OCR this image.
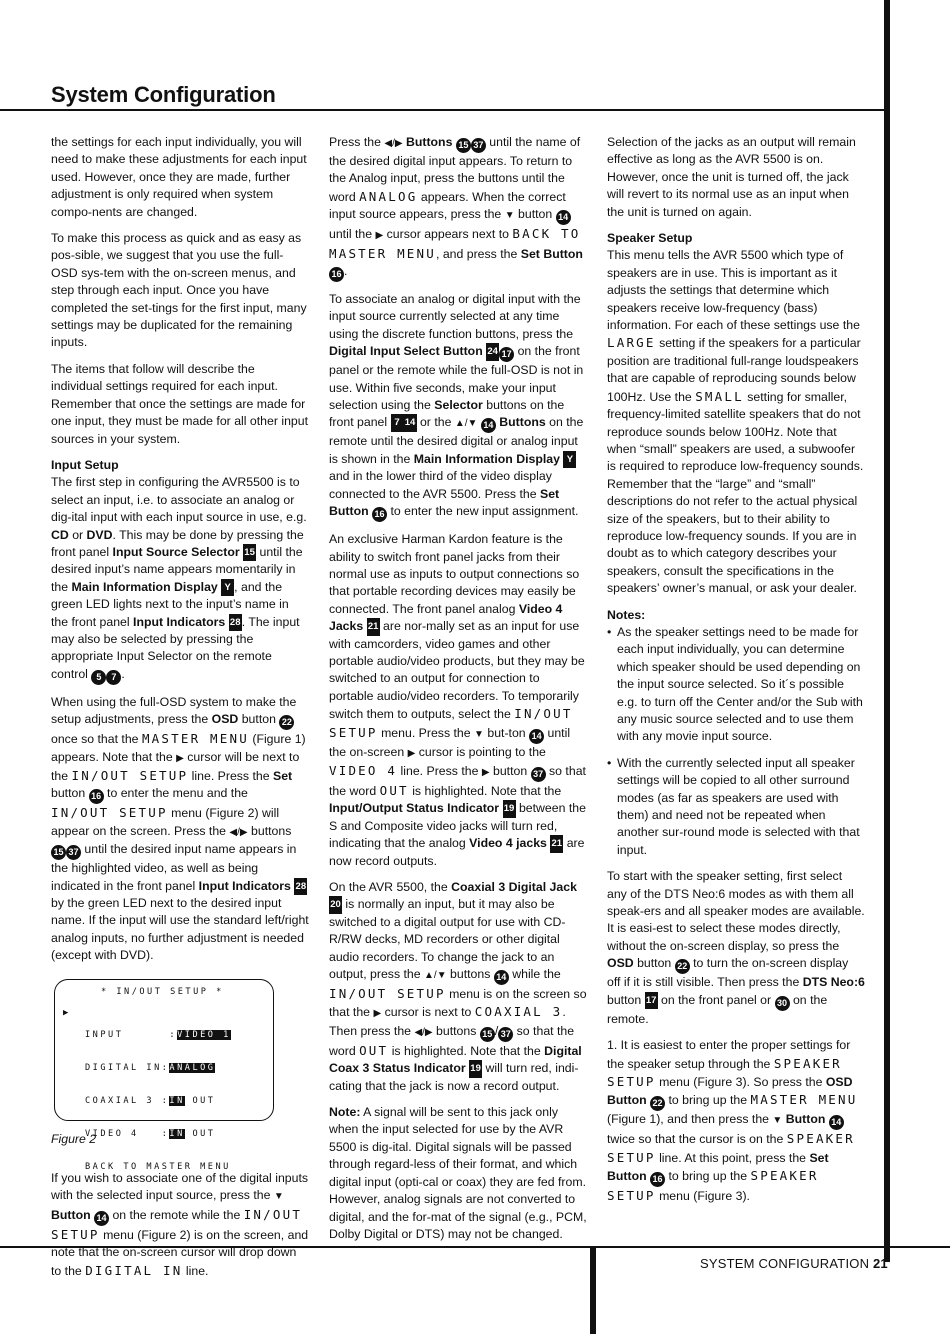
System Configuration
SYSTEM CONFIGURATION 21

the settings for each input individually, you will need to make these adjustments for each input used. However, once they are made, further adjustment is only required when system compo-nents are changed.

To make this process as quick and as easy as pos-sible, we suggest that you use the full-OSD sys-tem with the on-screen menus, and step through each input. Once you have completed the set-tings for the first input, many settings may be duplicated for the remaining inputs.

The items that follow will describe the individual settings required for each input. Remember that once the settings are made for one input, they must be made for all other input sources in your system.

Input Setup

The first step in configuring the AVR5500 is to select an input, i.e. to associate an analog or dig-ital input with each input source in use, e.g. CD or DVD. This may be done by pressing the front panel Input Source Selector 15 until the desired input’s name appears momentarily in the Main Information Display Y , and the green LED lights next to the input’s name in the front panel Input Indicators 28. The input may also be selected by pressing the appropriate Input Selector on the remote control 5 7 .

When using the full-OSD system to make the setup adjustments, press the OSD button 22 once so that the MASTER MENU (Figure 1) appears. Note that the ▶ cursor will be next to the IN/OUT SETUP line. Press the Set button 16 to enter the menu and the IN/OUT SETUP menu (Figure 2) will appear on the screen. Press the ◀/▶ buttons 15 37 until the desired input name appears in the highlighted video, as well as being indicated in the front panel Input Indicators 28 by the green LED next to the desired input name. If the input will use the standard left/right analog inputs, no further adjustment is needed (except with DVD).

* IN/OUT SETUP *
▶

INPUT      :VIDEO 1

DIGITAL IN:ANALOG

COAXIAL 3 :IN OUT

VIDEO 4   :IN OUT

BACK TO MASTER MENU

Figure 2

If you wish to associate one of the digital inputs with the selected input source, press the ▼ Button 14 on the remote while the IN/OUT SETUP menu (Figure 2) is on the screen, and note that the on-screen cursor will drop down to the DIGITAL IN line.

Press the ◀/▶ Buttons 15 37 until the name of the desired digital input appears. To return to the Analog input, press the buttons until the word ANALOG appears. When the correct input source appears, press the ▼ button 14 until the ▶ cursor appears next to BACK TO MASTER MENU, and press the Set Button 16 .

To associate an analog or digital input with the input source currently selected at any time using the discrete function buttons, press the Digital Input Select Button 24 17 on the front panel or the remote while the full-OSD is not in use. Within five seconds, make your input selection using the Selector buttons on the front panel 7 14 or the ▲/▼ 14 Buttons on the remote until the desired digital or analog input is shown in the Main Information Display Y and in the lower third of the video display connected to the AVR 5500. Press the Set Button 16 to enter the new input assignment.

An exclusive Harman Kardon feature is the ability to switch front panel jacks from their normal use as inputs to output connections so that portable recording devices may easily be connected. The front panel analog Video 4 Jacks 21 are nor-mally set as an input for use with camcorders, video games and other portable audio/video products, but they may be switched to an output for connection to portable audio/video recorders. To temporarily switch them to outputs, select the IN/OUT SETUP menu. Press the ▼ but-ton 14 until the on-screen ▶ cursor is pointing to the VIDEO 4 line. Press the ▶ button 37 so that the word OUT is highlighted. Note that the Input/Output Status Indicator 19 between the S and Composite video jacks will turn red, indicating that the analog Video 4 jacks 21 are now record outputs.

On the AVR 5500, the Coaxial 3 Digital Jack 20 is normally an input, but it may also be switched to a digital output for use with CD-R/RW decks, MD recorders or other digital audio recorders. To change the jack to an output, press the ▲/▼ buttons 14 while the IN/OUT SETUP menu is on the screen so that the ▶ cursor is next to COAXIAL 3. Then press the ◀/▶ buttons 15 / 37 so that the word OUT is highlighted. Note that the Digital Coax 3 Status Indicator 19 will turn red, indi-cating that the jack is now a record output.

Note: A signal will be sent to this jack only when the input selected for use by the AVR 5500 is dig-ital. Digital signals will be passed through regard-less of their format, and which digital input (opti-cal or coax) they are fed from. However, analog signals are not converted to digital, and the for-mat of the signal (e.g., PCM, Dolby Digital or DTS) may not be changed.

Selection of the jacks as an output will remain effective as long as the AVR 5500 is on. However, once the unit is turned off, the jack will revert to its normal use as an input when the unit is turned on again.

Speaker Setup

This menu tells the AVR 5500 which type of speakers are in use. This is important as it adjusts the settings that determine which speakers receive low-frequency (bass) information. For each of these settings use the LARGE setting if the speakers for a particular position are traditional full-range loudspeakers that are capable of reproducing sounds below 100Hz. Use the SMALL setting for smaller, frequency-limited satellite speakers that do not reproduce sounds below 100Hz. Note that when “small” speakers are used, a subwoofer is required to reproduce low-frequency sounds. Remember that the “large” and “small” descriptions do not refer to the actual physical size of the speakers, but to their ability to reproduce low-frequency sounds. If you are in doubt as to which category describes your speakers, consult the specifications in the speakers’ owner’s manual, or ask your dealer.

Notes:
• As the speaker settings need to be made for each input individually, you can determine which speaker should be used depending on the input source selected. So it´s possible e.g. to turn off the Center and/or the Sub with any music source selected and to use them with any movie input source.
• With the currently selected input all speaker settings will be copied to all other surround modes (as far as speakers are used with them) and need not be repeated when another sur-round mode is selected with that input.

To start with the speaker setting, first select any of the DTS Neo:6 modes as with them all speak-ers and all speaker modes are available. It is easi-est to select these modes directly, without the on-screen display, so press the OSD button 22 to turn the on-screen display off if it is still visible. Then press the DTS Neo:6 button 17 on the front panel or 30 on the remote.

1. It is easiest to enter the proper settings for the speaker setup through the SPEAKER SETUP menu (Figure 3). So press the OSD Button 22 to bring up the MASTER MENU (Figure 1), and then press the ▼ Button 14 twice so that the cursor is on the SPEAKER SETUP line. At this point, press the Set Button 16 to bring up the SPEAKER SETUP menu (Figure 3).
